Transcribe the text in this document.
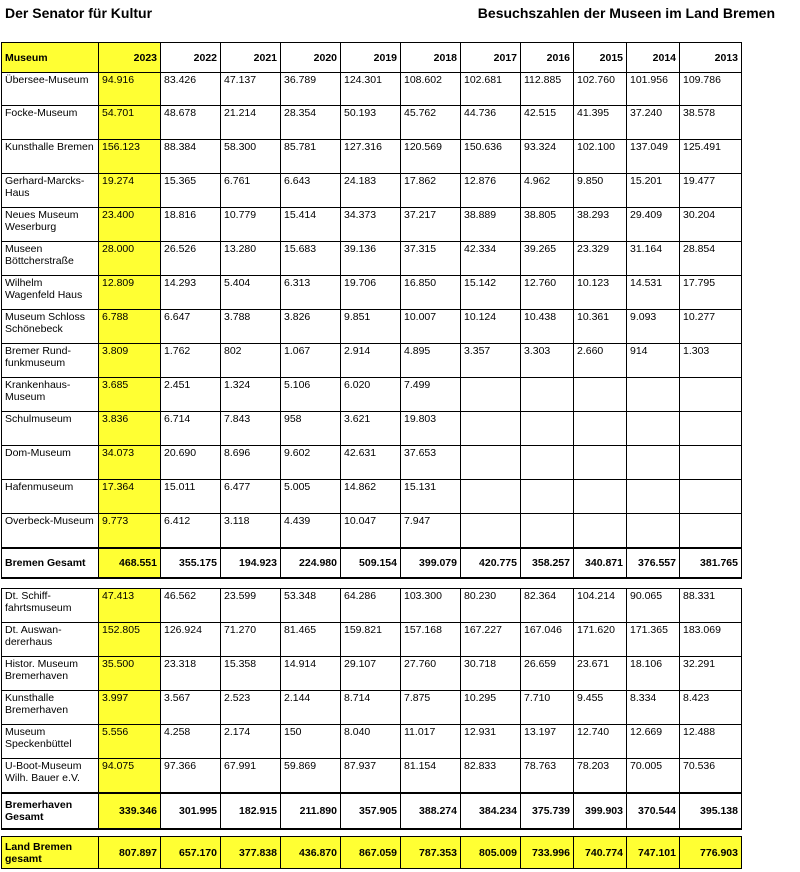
Der Senator für Kultur	Besuchszahlen der Museen im Land Bremen
Museum	2023	2022	2021	2020	2019	2018	2017	2016	2015	2014	2013
Übersee-Museum	94.916	83.426	47.137	36.789	124.301	108.602	102.681	112.885	102.760	101.956	109.786
Focke-Museum	54.701	48.678	21.214	28.354	50.193	45.762	44.736	42.515	41.395	37.240	38.578
Kunsthalle Bremen	156.123	88.384	58.300	85.781	127.316	120.569	150.636	93.324	102.100	137.049	125.491
Gerhard-Marcks-Haus	19.274	15.365	6.761	6.643	24.183	17.862	12.876	4.962	9.850	15.201	19.477
Neues Museum Weserburg	23.400	18.816	10.779	15.414	34.373	37.217	38.889	38.805	38.293	29.409	30.204
Museen Böttcherstraße	28.000	26.526	13.280	15.683	39.136	37.315	42.334	39.265	23.329	31.164	28.854
Wilhelm Wagenfeld Haus	12.809	14.293	5.404	6.313	19.706	16.850	15.142	12.760	10.123	14.531	17.795
Museum Schloss Schönebeck	6.788	6.647	3.788	3.826	9.851	10.007	10.124	10.438	10.361	9.093	10.277
Bremer Rund-funkmuseum	3.809	1.762	802	1.067	2.914	4.895	3.357	3.303	2.660	914	1.303
Krankenhaus-Museum	3.685	2.451	1.324	5.106	6.020	7.499					
Schulmuseum	3.836	6.714	7.843	958	3.621	19.803					
Dom-Museum	34.073	20.690	8.696	9.602	42.631	37.653					
Hafenmuseum	17.364	15.011	6.477	5.005	14.862	15.131					
Overbeck-Museum	9.773	6.412	3.118	4.439	10.047	7.947					
Bremen Gesamt	468.551	355.175	194.923	224.980	509.154	399.079	420.775	358.257	340.871	376.557	381.765
Dt. Schiff-fahrtsmuseum	47.413	46.562	23.599	53.348	64.286	103.300	80.230	82.364	104.214	90.065	88.331
Dt. Auswan-dererhaus	152.805	126.924	71.270	81.465	159.821	157.168	167.227	167.046	171.620	171.365	183.069
Histor. Museum Bremerhaven	35.500	23.318	15.358	14.914	29.107	27.760	30.718	26.659	23.671	18.106	32.291
Kunsthalle Bremerhaven	3.997	3.567	2.523	2.144	8.714	7.875	10.295	7.710	9.455	8.334	8.423
Museum Speckenbüttel	5.556	4.258	2.174	150	8.040	11.017	12.931	13.197	12.740	12.669	12.488
U-Boot-Museum Wilh. Bauer e.V.	94.075	97.366	67.991	59.869	87.937	81.154	82.833	78.763	78.203	70.005	70.536
Bremerhaven Gesamt	339.346	301.995	182.915	211.890	357.905	388.274	384.234	375.739	399.903	370.544	395.138
Land Bremen gesamt	807.897	657.170	377.838	436.870	867.059	787.353	805.009	733.996	740.774	747.101	776.903
